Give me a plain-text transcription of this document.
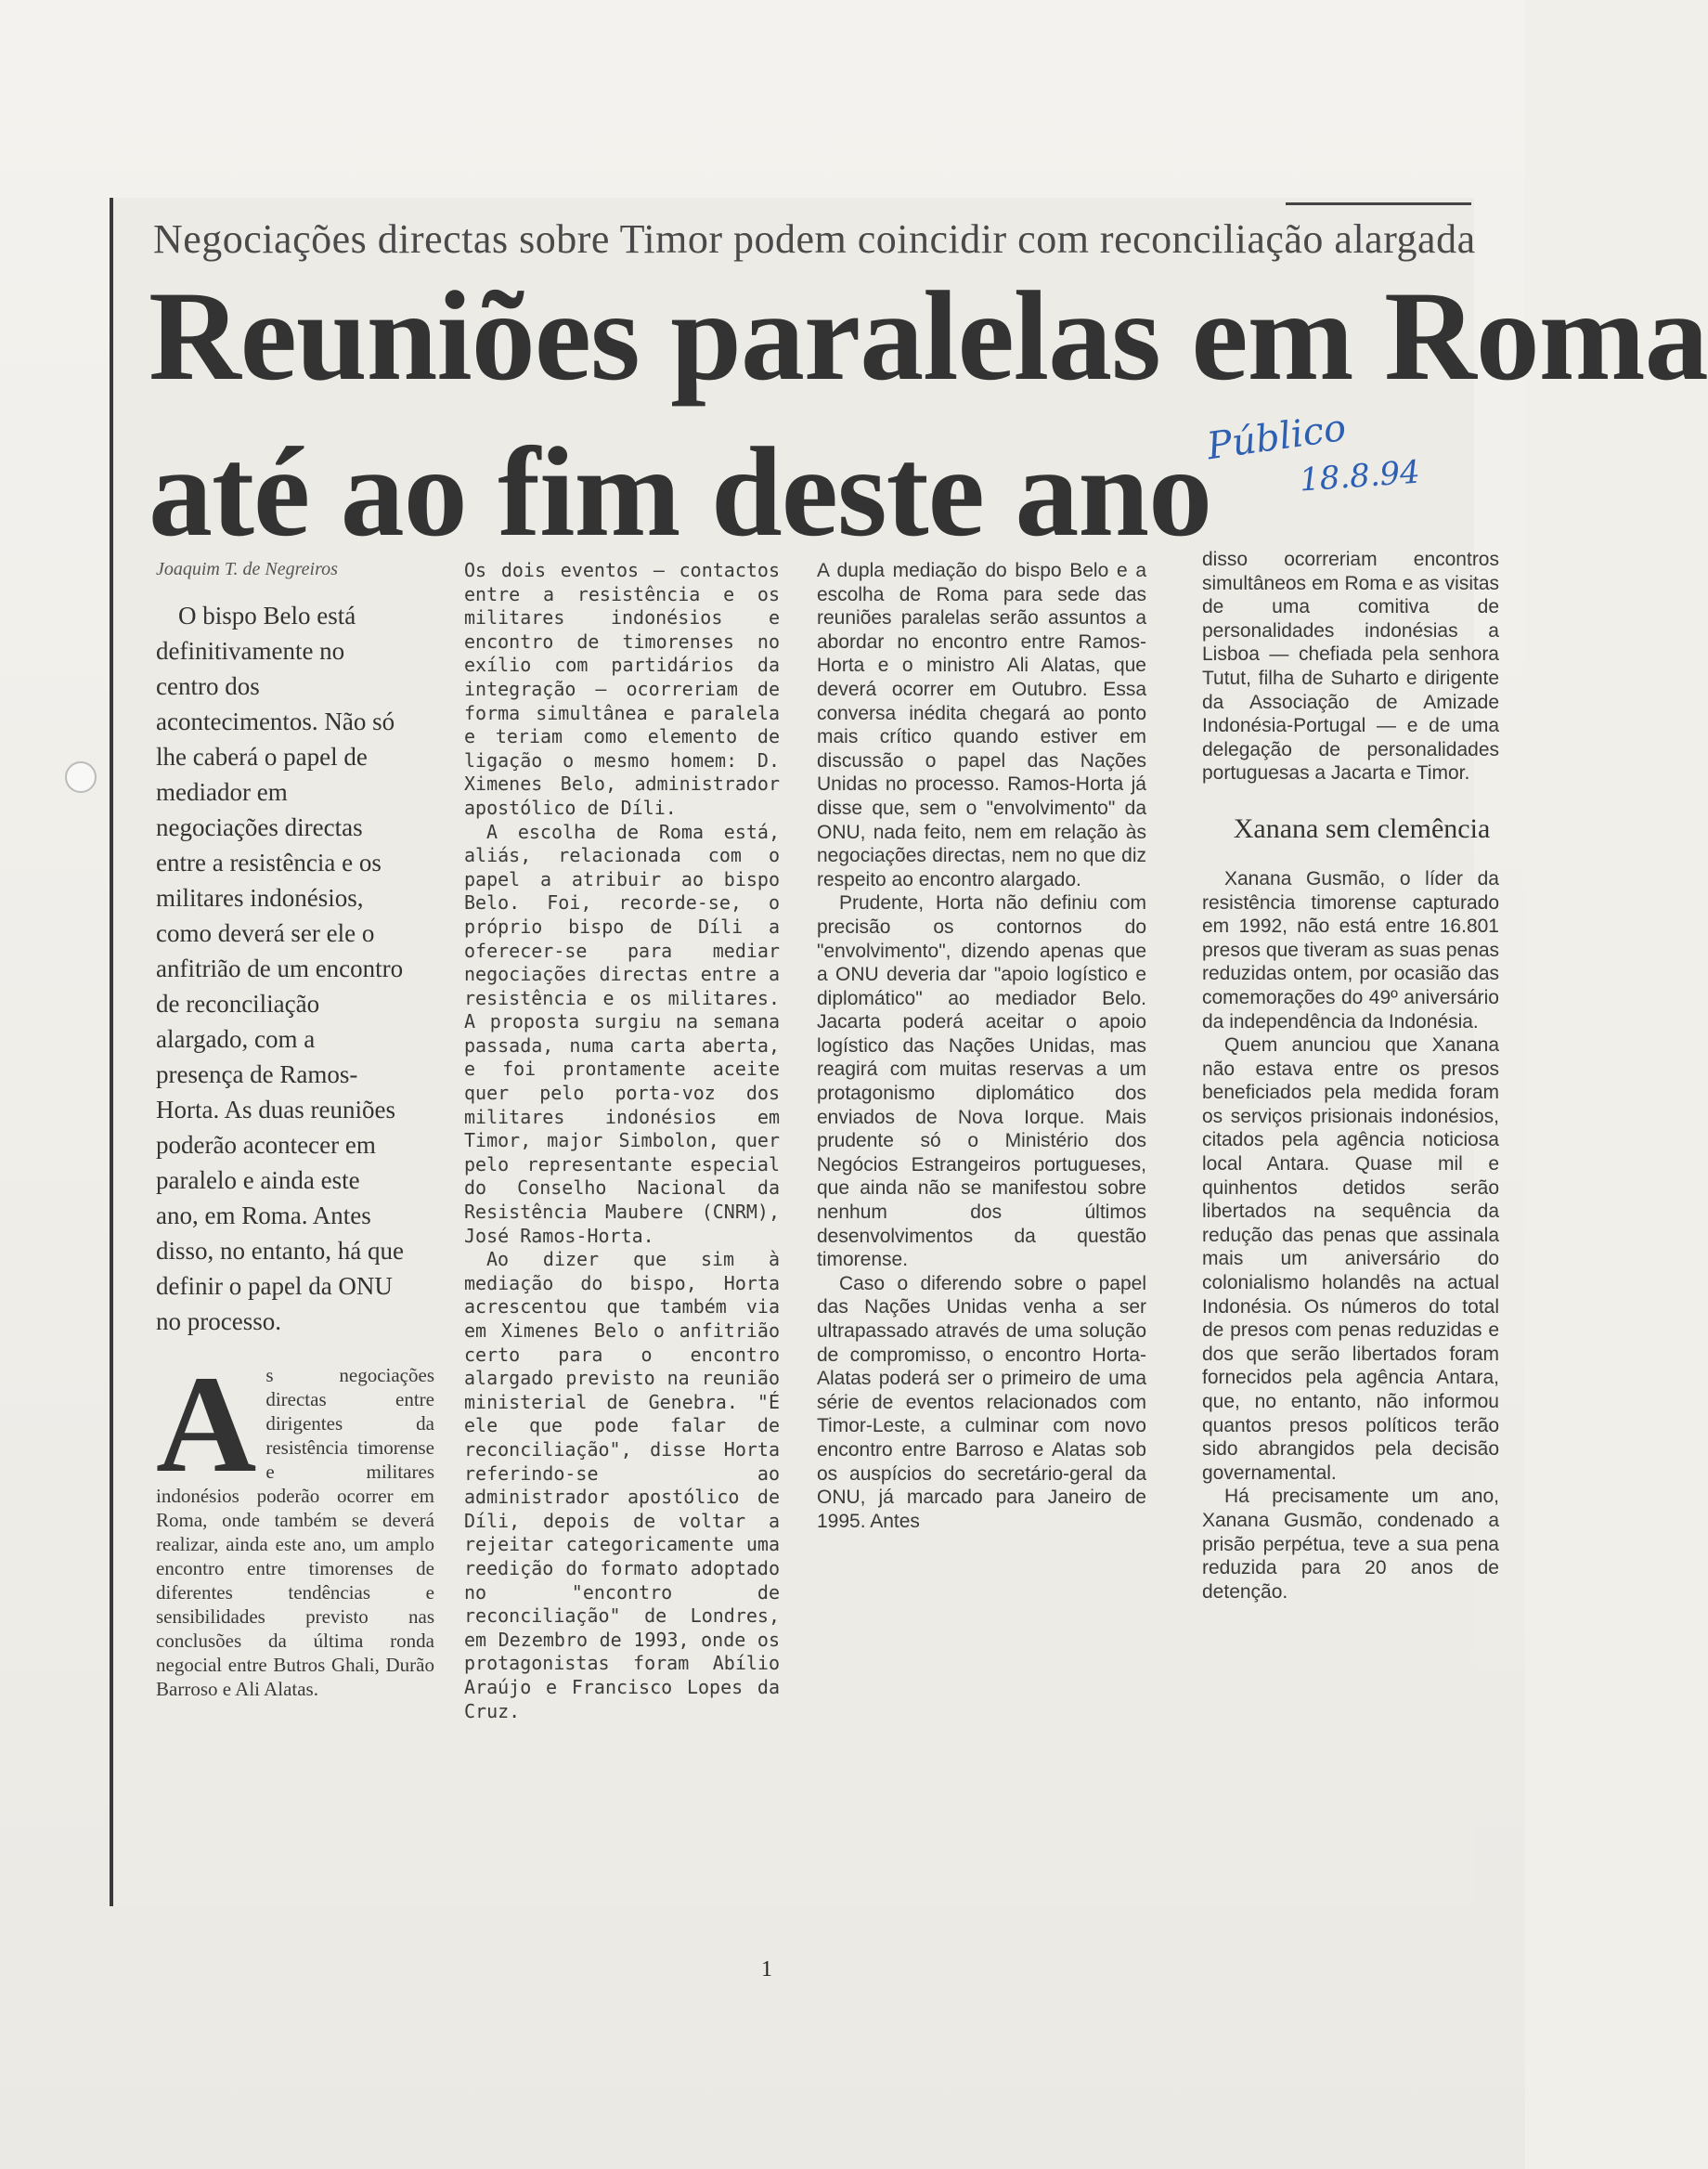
Negociações directas sobre Timor podem coincidir com reconciliação alargada
Reuniões paralelas em Roma
até ao fim deste ano
Público
18.8.94

Joaquim T. de Negreiros

O bispo Belo está definitivamente no centro dos acontecimentos. Não só lhe caberá o papel de mediador em negociações directas entre a resistência e os militares indonésios, como deverá ser ele o anfitrião de um encontro de reconciliação alargado, com a presença de Ramos-Horta. As duas reuniões poderão acontecer em paralelo e ainda este ano, em Roma. Antes disso, no entanto, há que definir o papel da ONU no processo.

A s negociações directas entre dirigentes da resistência timorense e militares indonésios poderão ocorrer em Roma, onde também se deverá realizar, ainda este ano, um amplo encontro entre timorenses de diferentes tendências e sensibilidades previsto nas conclusões da última ronda negocial entre Butros Ghali, Durão Barroso e Ali Alatas.

Os dois eventos — contactos entre a resistência e os militares indonésios e encontro de timorenses no exílio com partidários da integração — ocorreriam de forma simultânea e paralela e teriam como elemento de ligação o mesmo homem: D. Ximenes Belo, administrador apostólico de Díli.

A escolha de Roma está, aliás, relacionada com o papel a atribuir ao bispo Belo. Foi, recorde-se, o próprio bispo de Díli a oferecer-se para mediar negociações directas entre a resistência e os militares. A proposta surgiu na semana passada, numa carta aberta, e foi prontamente aceite quer pelo porta-voz dos militares indonésios em Timor, major Simbolon, quer pelo representante especial do Conselho Nacional da Resistência Maubere (CNRM), José Ramos-Horta.

Ao dizer que sim à mediação do bispo, Horta acrescentou que também via em Ximenes Belo o anfitrião certo para o encontro alargado previsto na reunião ministerial de Genebra. "É ele que pode falar de reconciliação", disse Horta referindo-se ao administrador apostólico de Díli, depois de voltar a rejeitar categoricamente uma reedição do formato adoptado no "encontro de reconciliação" de Londres, em Dezembro de 1993, onde os protagonistas foram Abílio Araújo e Francisco Lopes da Cruz.

A dupla mediação do bispo Belo e a escolha de Roma para sede das reuniões paralelas serão assuntos a abordar no encontro entre Ramos-Horta e o ministro Ali Alatas, que deverá ocorrer em Outubro. Essa conversa inédita chegará ao ponto mais crítico quando estiver em discussão o papel das Nações Unidas no processo. Ramos-Horta já disse que, sem o "envolvimento" da ONU, nada feito, nem em relação às negociações directas, nem no que diz respeito ao encontro alargado.

Prudente, Horta não definiu com precisão os contornos do "envolvimento", dizendo apenas que a ONU deveria dar "apoio logístico e diplomático" ao mediador Belo. Jacarta poderá aceitar o apoio logístico das Nações Unidas, mas reagirá com muitas reservas a um protagonismo diplomático dos enviados de Nova Iorque. Mais prudente só o Ministério dos Negócios Estrangeiros portugueses, que ainda não se manifestou sobre nenhum dos últimos desenvolvimentos da questão timorense.

Caso o diferendo sobre o papel das Nações Unidas venha a ser ultrapassado através de uma solução de compromisso, o encontro Horta-Alatas poderá ser o primeiro de uma série de eventos relacionados com Timor-Leste, a culminar com novo encontro entre Barroso e Alatas sob os auspícios do secretário-geral da ONU, já marcado para Janeiro de 1995. Antes

disso ocorreriam encontros simultâneos em Roma e as visitas de uma comitiva de personalidades indonésias a Lisboa — chefiada pela senhora Tutut, filha de Suharto e dirigente da Associação de Amizade Indonésia-Portugal — e de uma delegação de personalidades portuguesas a Jacarta e Timor.

Xanana sem clemência

Xanana Gusmão, o líder da resistência timorense capturado em 1992, não está entre 16.801 presos que tiveram as suas penas reduzidas ontem, por ocasião das comemorações do 49º aniversário da independência da Indonésia.

Quem anunciou que Xanana não estava entre os presos beneficiados pela medida foram os serviços prisionais indonésios, citados pela agência noticiosa local Antara. Quase mil e quinhentos detidos serão libertados na sequência da redução das penas que assinala mais um aniversário do colonialismo holandês na actual Indonésia. Os números do total de presos com penas reduzidas e dos que serão libertados foram fornecidos pela agência Antara, que, no entanto, não informou quantos presos políticos terão sido abrangidos pela decisão governamental.

Há precisamente um ano, Xanana Gusmão, condenado a prisão perpétua, teve a sua pena reduzida para 20 anos de detenção.

1
